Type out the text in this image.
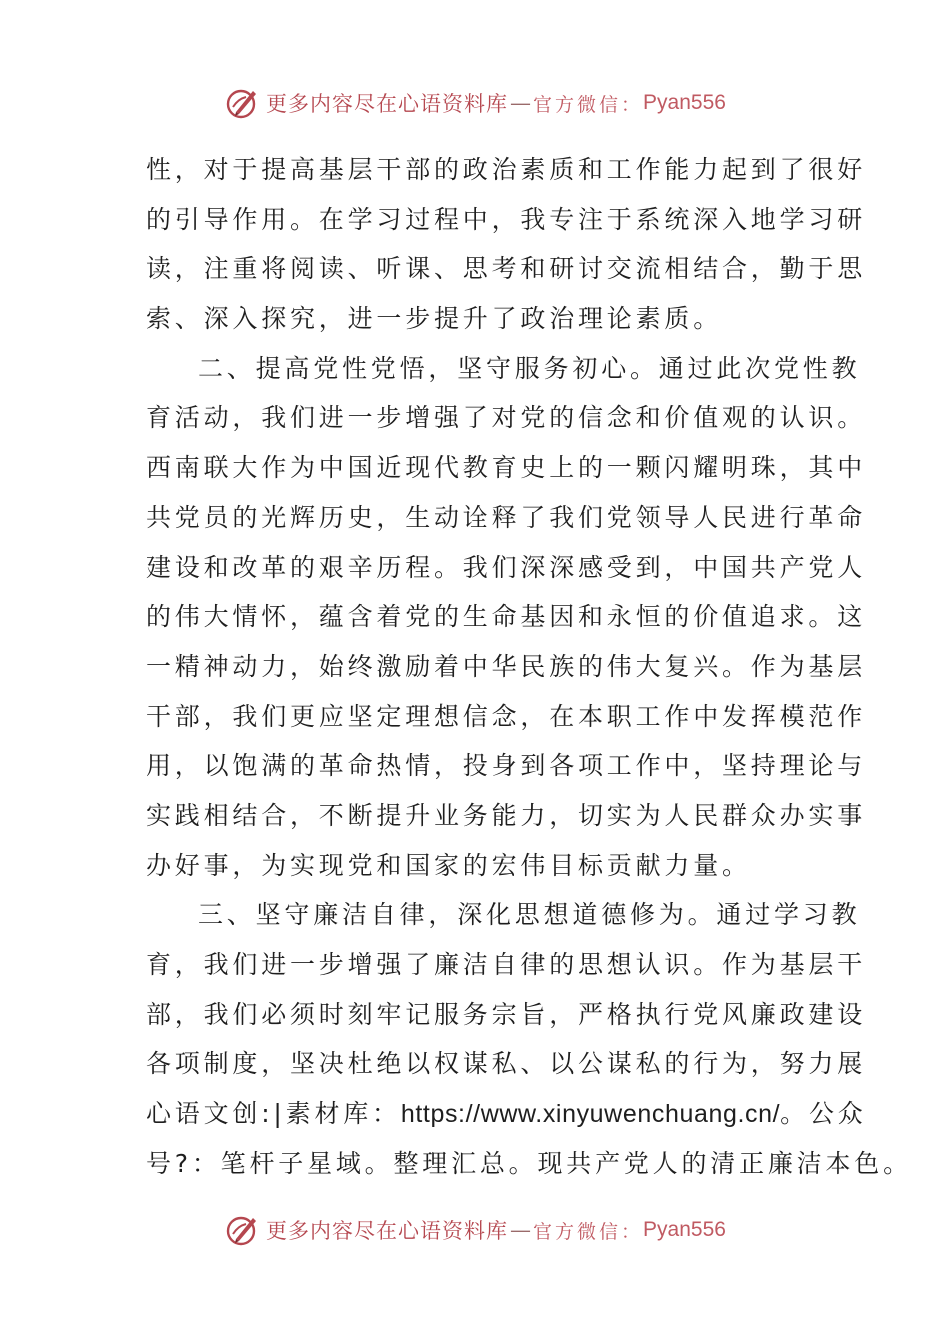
更多内容尽在心语资料库 — 官方微信： Pyan556
性，对于提高基层干部的政治素质和工作能力起到了很好
的引导作用。在学习过程中，我专注于系统深入地学习研
读，注重将阅读、听课、思考和研讨交流相结合，勤于思
索、深入探究，进一步提升了政治理论素质。
二、提高党性党悟，坚守服务初心。通过此次党性教
育活动，我们进一步增强了对党的信念和价值观的认识。
西南联大作为中国近现代教育史上的一颗闪耀明珠，其中
共党员的光辉历史，生动诠释了我们党领导人民进行革命
建设和改革的艰辛历程。我们深深感受到，中国共产党人
的伟大情怀，蕴含着党的生命基因和永恒的价值追求。这
一精神动力，始终激励着中华民族的伟大复兴。作为基层
干部，我们更应坚定理想信念，在本职工作中发挥模范作
用，以饱满的革命热情，投身到各项工作中，坚持理论与
实践相结合，不断提升业务能力，切实为人民群众办实事
办好事，为实现党和国家的宏伟目标贡献力量。
三、坚守廉洁自律，深化思想道德修为。通过学习教
育，我们进一步增强了廉洁自律的思想认识。作为基层干
部，我们必须时刻牢记服务宗旨，严格执行党风廉政建设
各项制度，坚决杜绝以权谋私、以公谋私的行为，努力展
心语文创:|素材库：https://www.xinyuwenchuang.cn/。公众
号?：笔杆子星域。整理汇总。现共产党人的清正廉洁本色。
更多内容尽在心语资料库 — 官方微信： Pyan556
